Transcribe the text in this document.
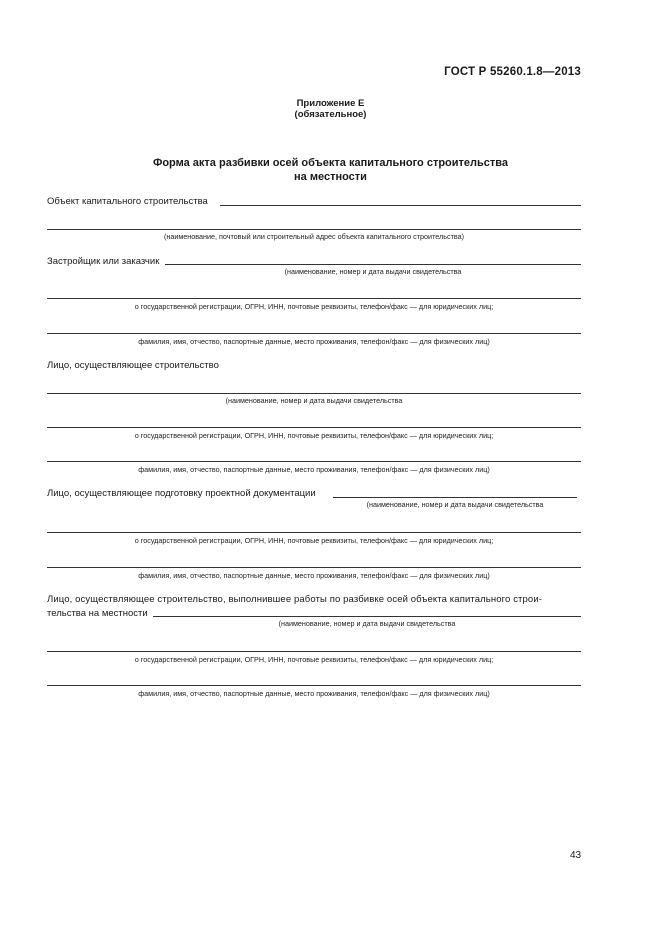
ГОСТ Р 55260.1.8—2013
Приложение Е
(обязательное)
Форма акта разбивки осей объекта капитального строительства
на местности
Объект капитального строительства
(наименование, почтовый или строительный адрес объекта капитального строительства)
Застройщик или заказчик
(наименование, номер и дата выдачи свидетельства
о государственной регистрации, ОГРН, ИНН, почтовые реквизиты, телефон/факс — для юридических лиц;
фамилия, имя, отчество, паспортные данные, место проживания, телефон/факс — для физических лиц)
Лицо, осуществляющее строительство
(наименование, номер и дата выдачи свидетельства
о государственной регистрации, ОГРН, ИНН, почтовые реквизиты, телефон/факс — для юридических лиц;
фамилия, имя, отчество, паспортные данные, место проживания, телефон/факс — для физических лиц)
Лицо, осуществляющее подготовку проектной документации
(наименование, номер и дата выдачи свидетельства
о государственной регистрации, ОГРН, ИНН, почтовые реквизиты, телефон/факс — для юридических лиц;
фамилия, имя, отчество, паспортные данные, место проживания, телефон/факс — для физических лиц)
Лицо, осуществляющее строительство, выполнившее работы по разбивке осей объекта капитального строи-
тельства на местности
(наименование, номер и дата выдачи свидетельства
о государственной регистрации, ОГРН, ИНН, почтовые реквизиты, телефон/факс — для юридических лиц;
фамилия, имя, отчество, паспортные данные, место проживания, телефон/факс — для физических лиц)
43
